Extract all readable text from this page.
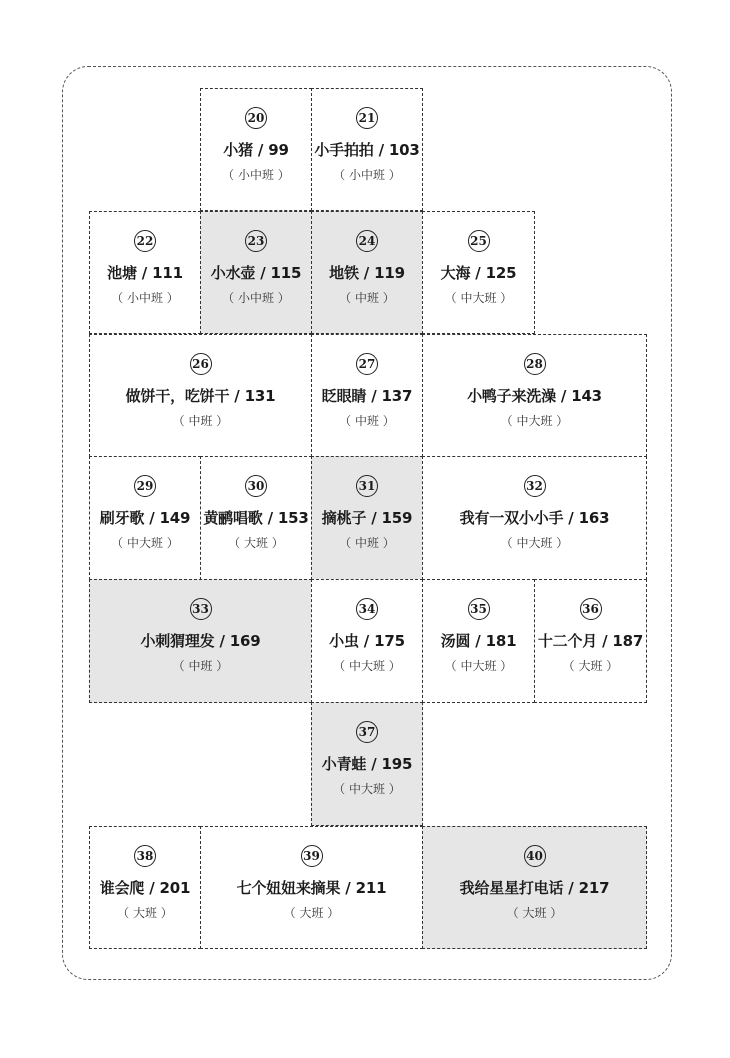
20
小猪 / 99
（ 小中班 ）
21
小手拍拍 / 103
（ 小中班 ）
22
池塘 / 111
（ 小中班 ）
23
小水壶 / 115
（ 小中班 ）
24
地铁 / 119
（ 中班 ）
25
大海 / 125
（ 中大班 ）
26
做饼干，吃饼干 / 131
（ 中班 ）
27
眨眼睛 / 137
（ 中班 ）
28
小鸭子来洗澡 / 143
（ 中大班 ）
29
刷牙歌 / 149
（ 中大班 ）
30
黄鹂唱歌 / 153
（ 大班 ）
31
摘桃子 / 159
（ 中班 ）
32
我有一双小小手 / 163
（ 中大班 ）
33
小刺猬理发 / 169
（ 中班 ）
34
小虫 / 175
（ 中大班 ）
35
汤圆 / 181
（ 中大班 ）
36
十二个月 / 187
（ 大班 ）
37
小青蛙 / 195
（ 中大班 ）
38
谁会爬 / 201
（ 大班 ）
39
七个妞妞来摘果 / 211
（ 大班 ）
40
我给星星打电话 / 217
（ 大班 ）
